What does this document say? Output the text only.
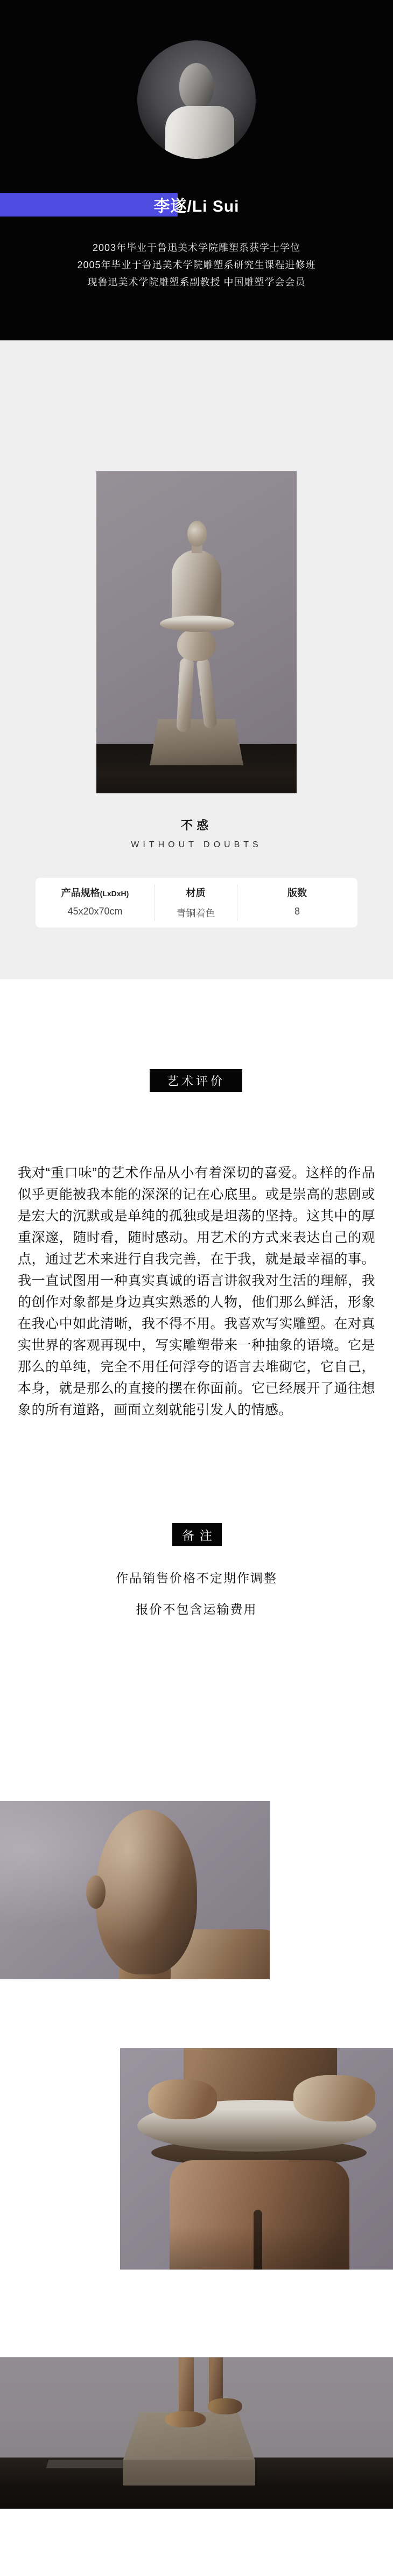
李遂/Li Sui
2003年毕业于鲁迅美术学院雕塑系获学士学位
2005年毕业于鲁迅美术学院雕塑系研究生课程进修班
现鲁迅美术学院雕塑系副教授 中国雕塑学会会员
不惑
WITHOUT DOUBTS
产品规格(LxDxH)
45x20x70cm
材质
青铜着色
版数
8
艺术评价
我对“重口味”的艺术作品从小有着深切的喜爱。这样的作品似乎更能被我本能的深深的记在心底里。或是崇高的悲剧或是宏大的沉默或是单纯的孤独或是坦荡的坚持。这其中的厚重深邃，随时看，随时感动。用艺术的方式来表达自己的观点，通过艺术来进行自我完善，在于我，就是最幸福的事。我一直试图用一种真实真诚的语言讲叙我对生活的理解，我的创作对象都是身边真实熟悉的人物，他们那么鲜活，形象在我心中如此清晰，我不得不用。我喜欢写实雕塑。在对真实世界的客观再现中，写实雕塑带来一种抽象的语境。它是那么的单纯，完全不用任何浮夸的语言去堆砌它，它自己，本身，就是那么的直接的摆在你面前。它已经展开了通往想象的所有道路，画面立刻就能引发人的情感。
备注
作品销售价格不定期作调整
报价不包含运输费用
